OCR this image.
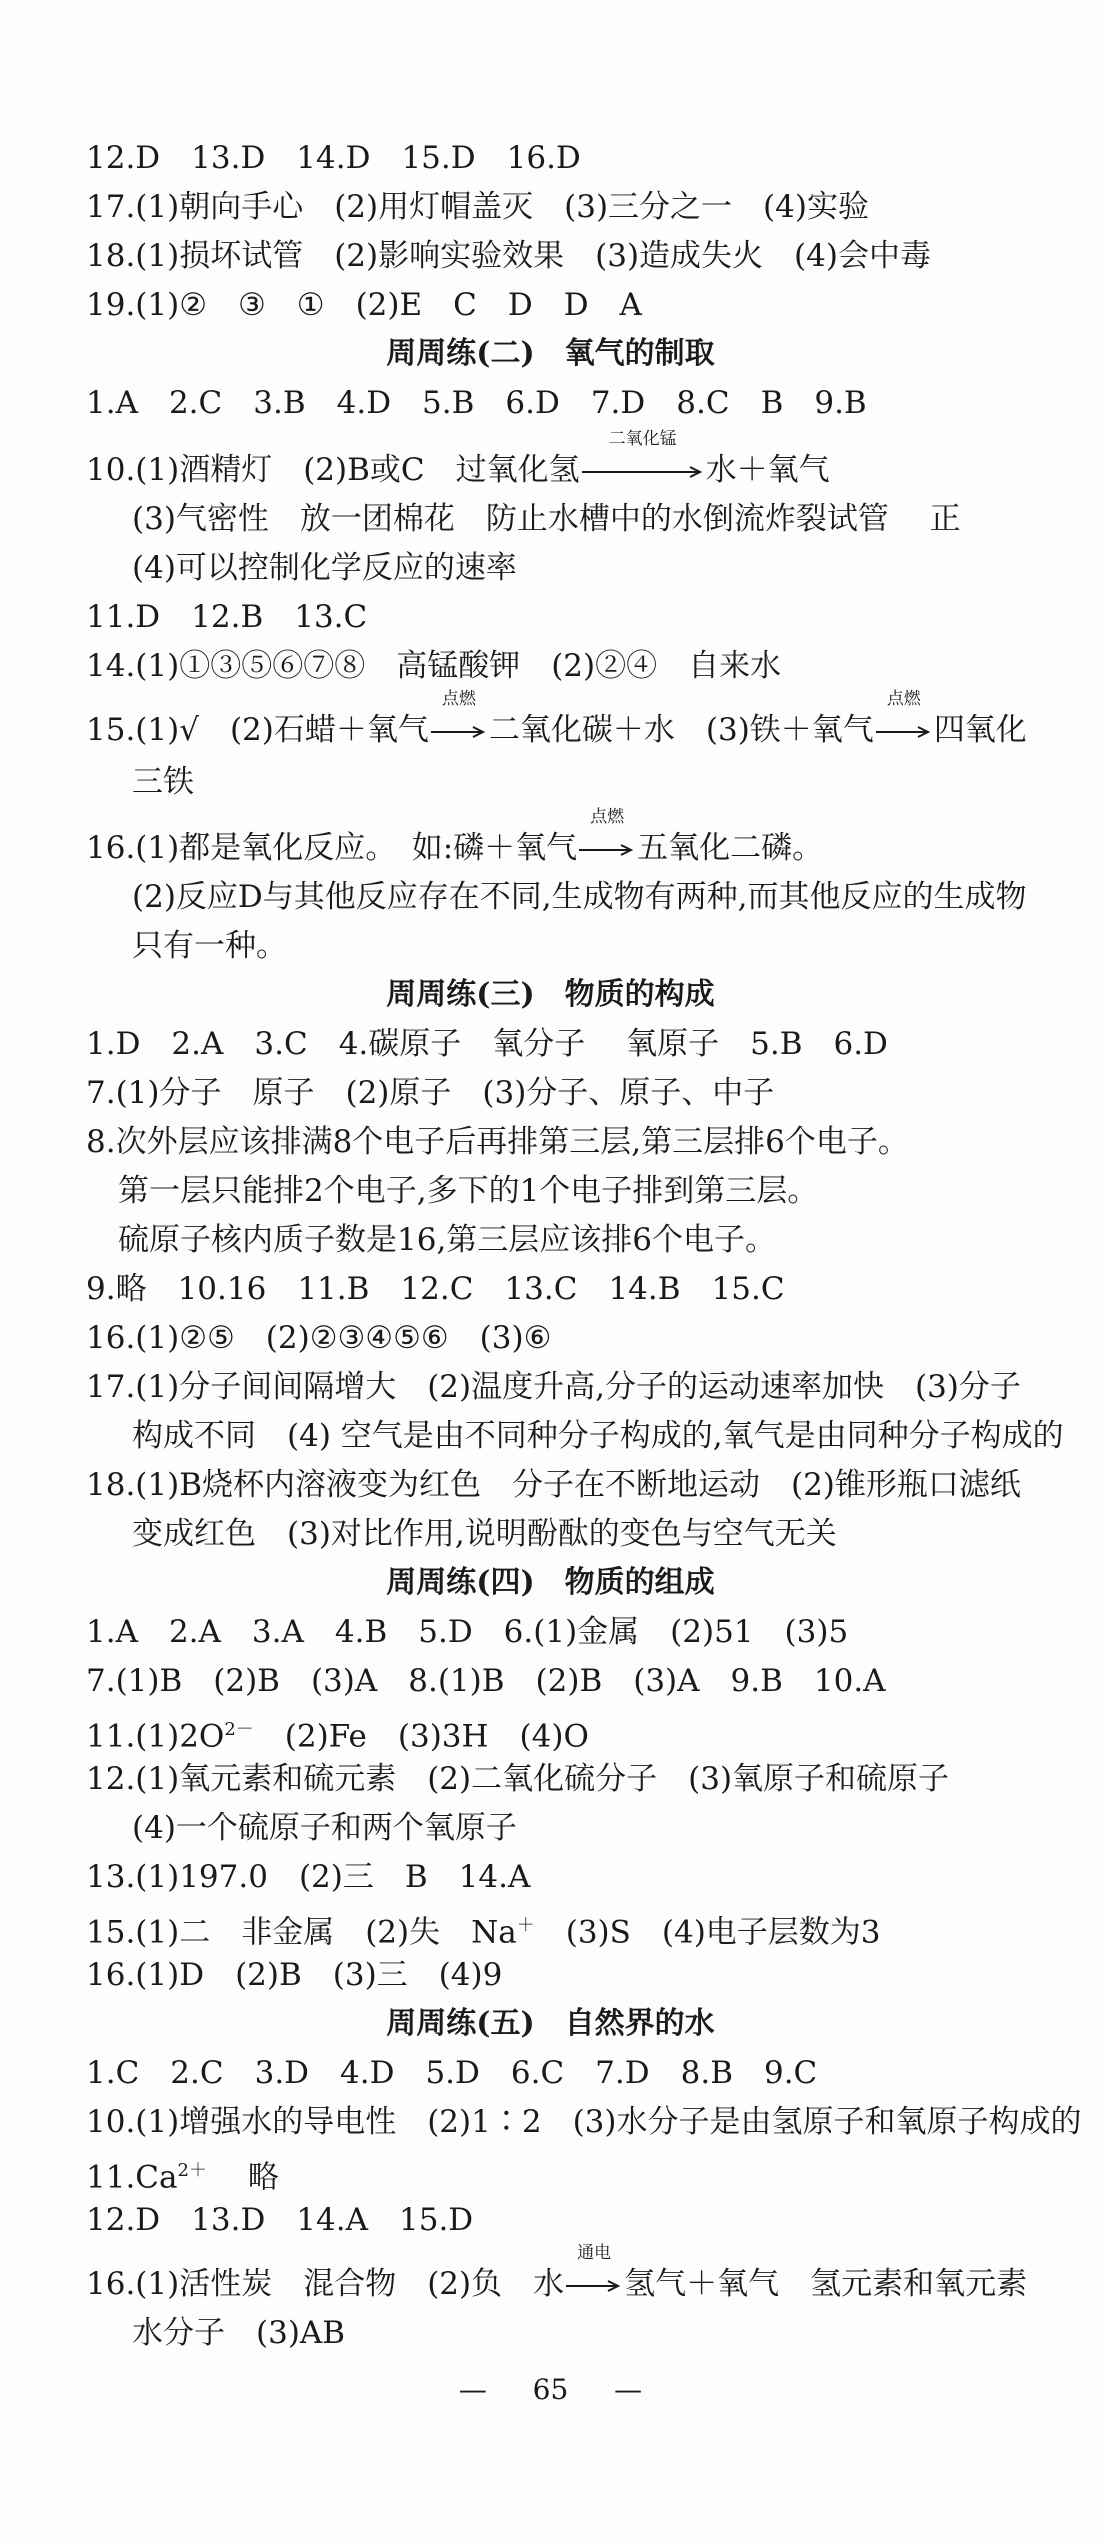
12.D　13.D　14.D　15.D　16.D
17.(1)朝向手心　(2)用灯帽盖灭　(3)三分之一　(4)实验
18.(1)损坏试管　(2)影响实验效果　(3)造成失火　(4)会中毒
19.(1)②　③　①　(2)E　C　D　D　A
周周练(二)　氧气的制取
1.A　2.C　3.B　4.D　5.B　6.D　7.D　8.C　B　9.B
10.(1)酒精灯　(2)B或C　过氧化氢
二氧化锰
水＋氧气
(3)气密性　放一团棉花　防止水槽中的水倒流炸裂试管　 正
(4)可以控制化学反应的速率
11.D　12.B　13.C
14.(1)①③⑤⑥⑦⑧　高锰酸钾　(2)②④　自来水
15.(1)√　(2)石蜡＋氧气
点燃
二氧化碳＋水　(3)铁＋氧气
点燃
四氧化
三铁
16.(1)都是氧化反应。　如:磷＋氧气
点燃
五氧化二磷。
(2)反应D与其他反应存在不同,生成物有两种,而其他反应的生成物
只有一种。
周周练(三)　物质的构成
1.D　2.A　3.C　4.碳原子　氧分子　 氧原子　5.B　6.D
7.(1)分子　原子　(2)原子　(3)分子、原子、中子
8.次外层应该排满8个电子后再排第三层,第三层排6个电子。
第一层只能排2个电子,多下的1个电子排到第三层。
硫原子核内质子数是16,第三层应该排6个电子。
9.略　10.16　11.B　12.C　13.C　14.B　15.C
16.(1)②⑤　(2)②③④⑤⑥　(3)⑥
17.(1)分子间间隔增大　(2)温度升高,分子的运动速率加快　(3)分子
构成不同　(4) 空气是由不同种分子构成的,氧气是由同种分子构成的
18.(1)B烧杯内溶液变为红色　分子在不断地运动　(2)锥形瓶口滤纸
变成红色　(3)对比作用,说明酚酞的变色与空气无关
周周练(四)　物质的组成
1.A　2.A　3.A　4.B　5.D　6.(1)金属　(2)51　(3)5
7.(1)B　(2)B　(3)A　8.(1)B　(2)B　(3)A　9.B　10.A
$11.(1)2O^{2-}$　(2)Fe　(3)3H　(4)O
12.(1)氧元素和硫元素　(2)二氧化硫分子　(3)氧原子和硫原子
(4)一个硫原子和两个氧原子
13.(1)197.0　(2)三　B　14.A
15.(1)二　非金属　(2)失　Na＋　(3)S　(4)电子层数为3
16.(1)D　(2)B　(3)三　(4)9
周周练(五)　自然界的水
1.C　2.C　3.D　4.D　5.D　6.C　7.D　8.B　9.C
10.(1)增强水的导电性　(2)1∶2　(3)水分子是由氢原子和氧原子构成的
$11.Ca^{2+}$　 略
12.D　13.D　14.A　15.D
16.(1)活性炭　混合物　(2)负　水
通电
氢气＋氧气　氢元素和氧元素
水分子　(3)AB
— 65 —
